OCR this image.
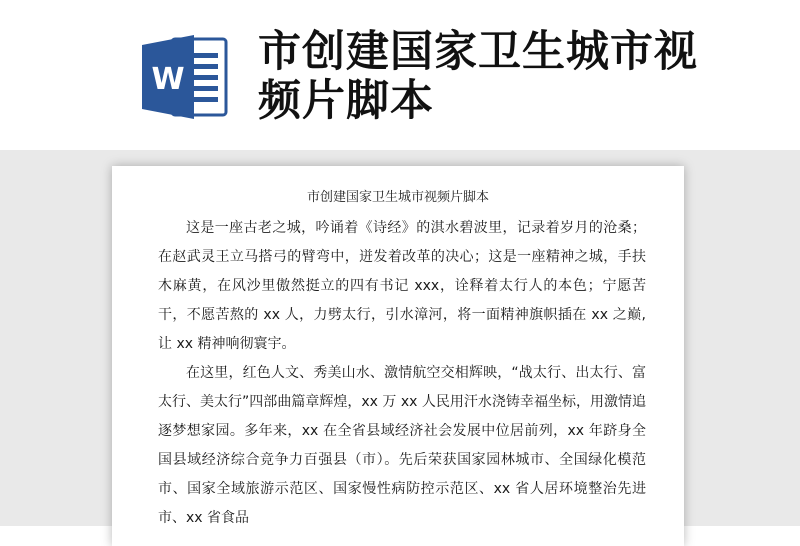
W
市创建国家卫生城市视频片脚本

市创建国家卫生城市视频片脚本

这是一座古老之城，吟诵着《诗经》的淇水碧波里，记录着岁月的沧桑；在赵武灵王立马搭弓的臂弯中，迸发着改革的决心；这是一座精神之城，手扶木麻黄，在风沙里傲然挺立的四有书记 xxx，诠释着太行人的本色；宁愿苦干，不愿苦熬的 xx 人，力劈太行，引水漳河，将一面精神旗帜插在 xx 之巅,让 xx 精神响彻寰宇。

在这里，红色人文、秀美山水、激情航空交相辉映，“战太行、出太行、富太行、美太行”四部曲篇章辉煌，xx 万 xx 人民用汗水浇铸幸福坐标，用激情追逐梦想家园。多年来，xx 在全省县域经济社会发展中位居前列，xx 年跻身全国县域经济综合竞争力百强县（市）。先后荣获国家园林城市、全国绿化模范市、国家全域旅游示范区、国家慢性病防控示范区、xx 省人居环境整治先进市、xx 省食品
